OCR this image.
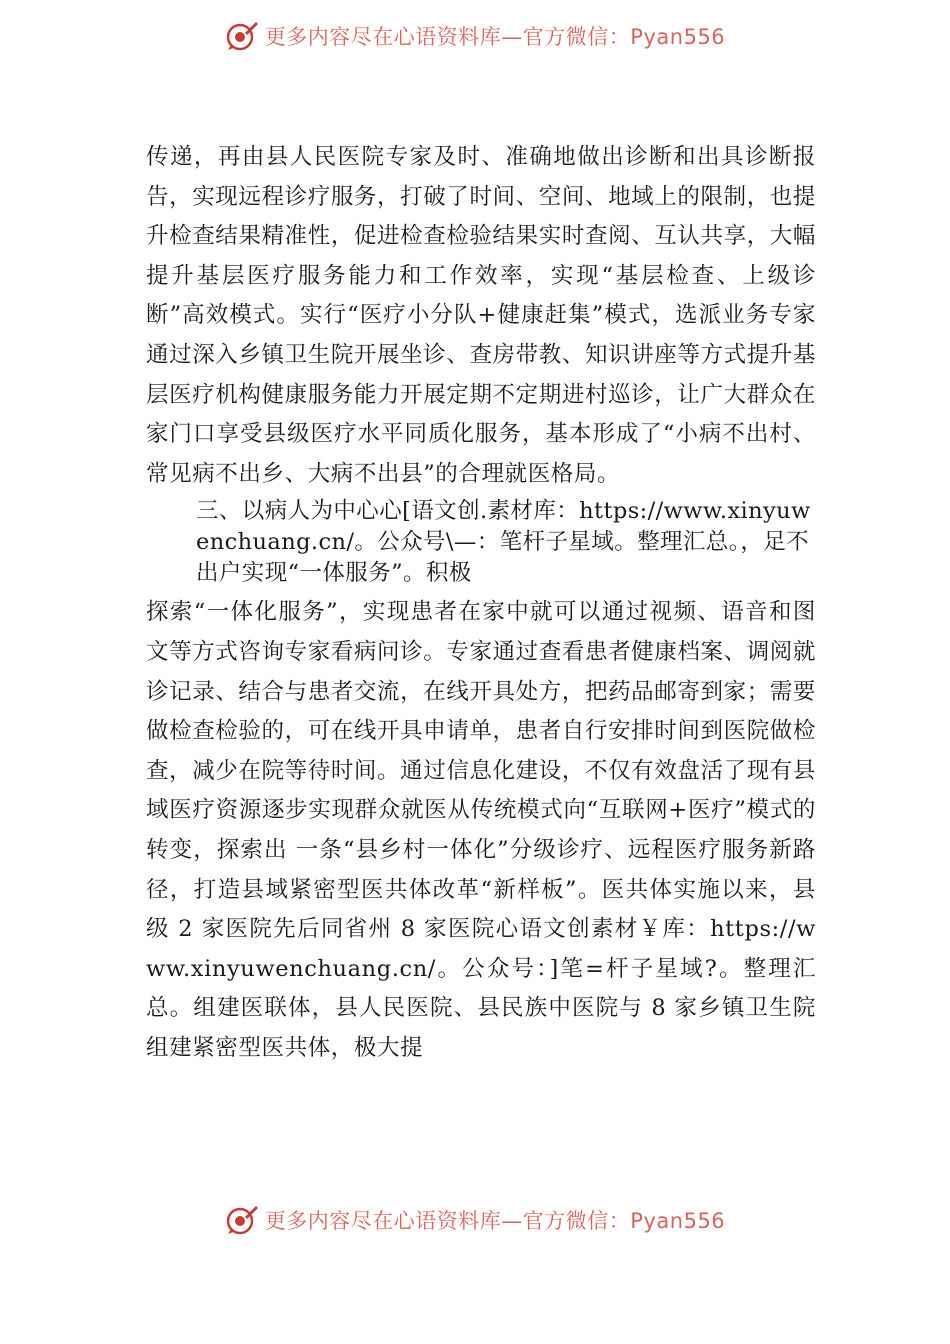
更多内容尽在心语资料库—官方微信：Pyan556

传递，再由县人民医院专家及时、准确地做出诊断和出具诊断报告，实现远程诊疗服务，打破了时间、空间、地域上的限制，也提升检查结果精准性，促进检查检验结果实时查阅、互认共享，大幅提升基层医疗服务能力和工作效率，实现“基层检查、上级诊断”高效模式。实行“医疗小分队+健康赶集”模式，选派业务专家通过深入乡镇卫生院开展坐诊、查房带教、知识讲座等方式提升基层医疗机构健康服务能力开展定期不定期进村巡诊，让广大群众在家门口享受县级医疗水平同质化服务，基本形成了“小病不出村、常见病不出乡、大病不出县”的合理就医格局。

三、以病人为中心心[语文创.素材库：https://www.xinyuwenchuang.cn/。公众号\—：笔杆子星域。整理汇总。，足不出户实现“一体服务”。积极

探索“一体化服务”，实现患者在家中就可以通过视频、语音和图文等方式咨询专家看病问诊。专家通过查看患者健康档案、调阅就诊记录、结合与患者交流，在线开具处方，把药品邮寄到家；需要做检查检验的，可在线开具申请单，患者自行安排时间到医院做检查，减少在院等待时间。通过信息化建设，不仅有效盘活了现有县域医疗资源逐步实现群众就医从传统模式向“互联网+医疗”模式的转变，探索出 一条“县乡村一体化”分级诊疗、远程医疗服务新路径，打造县域紧密型医共体改革“新样板”。医共体实施以来，县级 2 家医院先后同省州 8 家医院心语文创素材￥库：https://www.xinyuwenchuang.cn/。公众号：]笔=杆子星域?。整理汇总。组建医联体，县人民医院、县民族中医院与 8 家乡镇卫生院组建紧密型医共体，极大提

更多内容尽在心语资料库—官方微信：Pyan556
